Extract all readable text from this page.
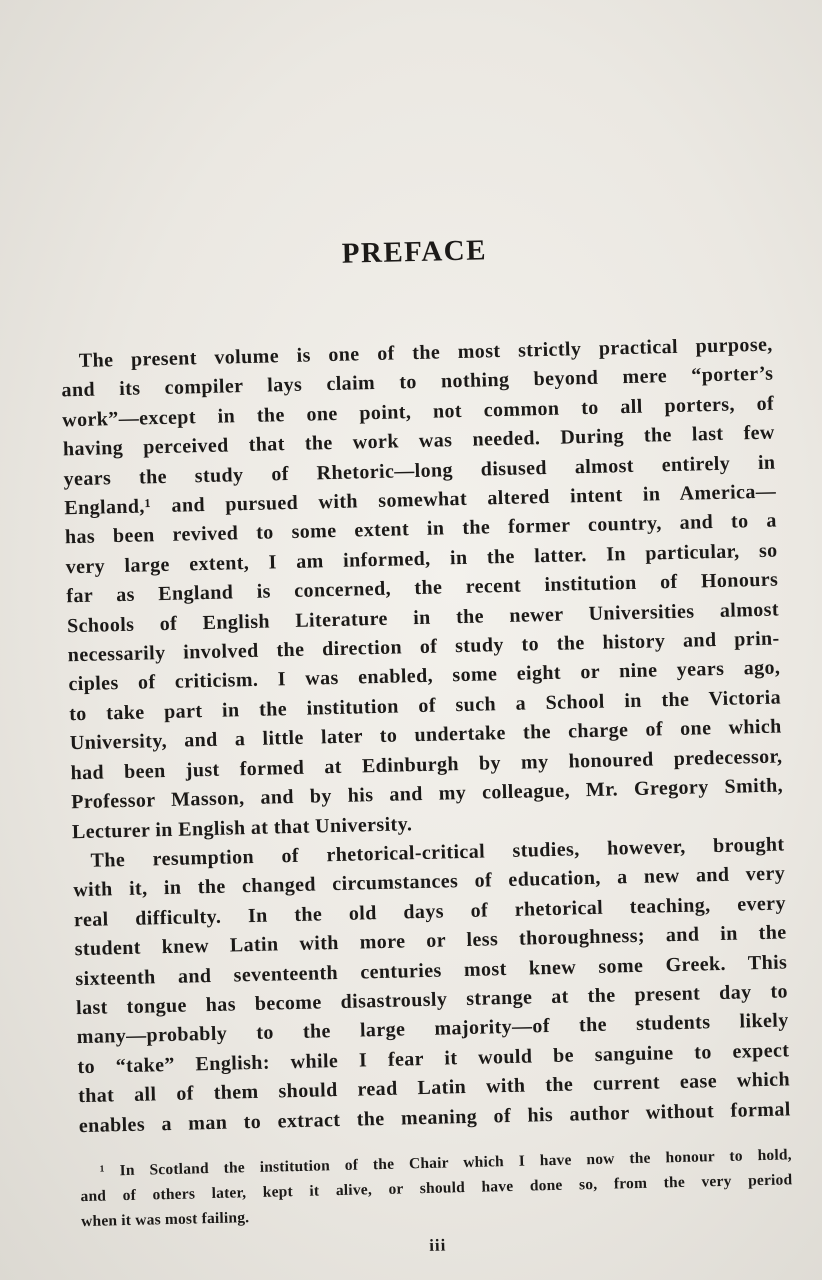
PREFACE
The present volume is one of the most strictly practical purpose,
and its compiler lays claim to nothing beyond mere “porter’s
work”—except in the one point, not common to all porters, of
having perceived that the work was needed. During the last few
years the study of Rhetoric—long disused almost entirely in
England,¹ and pursued with somewhat altered intent in America—
has been revived to some extent in the former country, and to a
very large extent, I am informed, in the latter. In particular, so
far as England is concerned, the recent institution of Honours
Schools of English Literature in the newer Universities almost
necessarily involved the direction of study to the history and prin-
ciples of criticism. I was enabled, some eight or nine years ago,
to take part in the institution of such a School in the Victoria
University, and a little later to undertake the charge of one which
had been just formed at Edinburgh by my honoured predecessor,
Professor Masson, and by his and my colleague, Mr. Gregory Smith,
Lecturer in English at that University.
The resumption of rhetorical-critical studies, however, brought
with it, in the changed circumstances of education, a new and very
real difficulty. In the old days of rhetorical teaching, every
student knew Latin with more or less thoroughness; and in the
sixteenth and seventeenth centuries most knew some Greek. This
last tongue has become disastrously strange at the present day to
many—probably to the large majority—of the students likely
to “take” English: while I fear it would be sanguine to expect
that all of them should read Latin with the current ease which
enables a man to extract the meaning of his author without formal
¹ In Scotland the institution of the Chair which I have now the honour to hold,
and of others later, kept it alive, or should have done so, from the very period
when it was most failing.
iii
